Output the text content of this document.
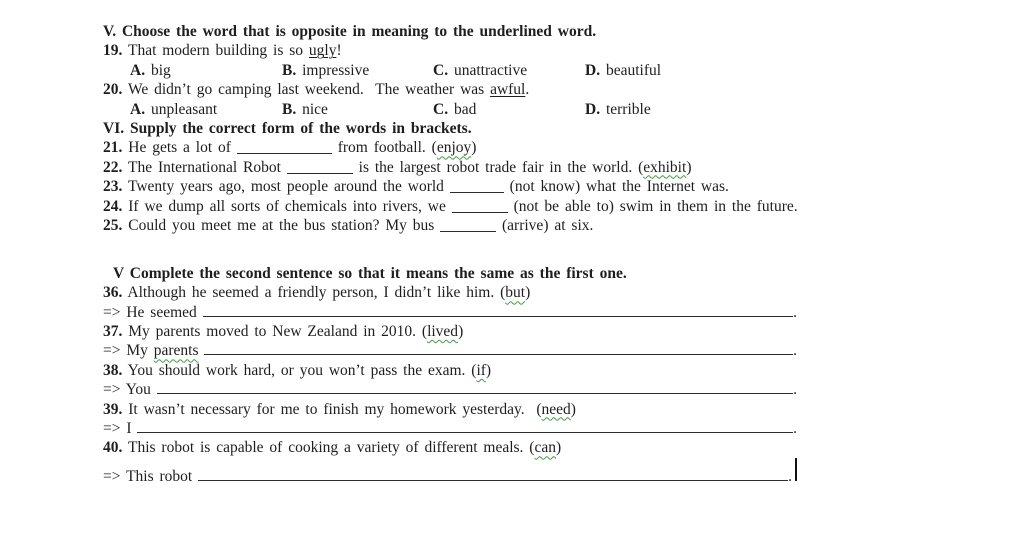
V. Choose the word that is opposite in meaning to the underlined word.
19. That modern building is so ugly!
A. big	B. impressive	C. unattractive	D. beautiful
20. We didn’t go camping last weekend.  The weather was awful.
A. unpleasant	B. nice	C. bad	D. terrible
VI. Supply the correct form of the words in brackets.
21. He gets a lot of	from football. (enjoy)
22. The International Robot	is the largest robot trade fair in the world. (exhibit)
23. Twenty years ago, most people around the world	(not know) what the Internet was.
24. If we dump all sorts of chemicals into rivers, we	(not be able to) swim in them in the future.
25. Could you meet me at the bus station? My bus	(arrive) at six.
V Complete the second sentence so that it means the same as the first one.
36. Although he seemed a friendly person, I didn’t like him. (but)
=> He seemed	.
37. My parents moved to New Zealand in 2010. (lived)
=> My parents
	.
38. You should work hard, or you won’t pass the exam. (if)
=> You	.
39. It wasn’t necessary for me to finish my homework yesterday.  (need)
=> I	.
40. This robot is capable of cooking a variety of different meals. (can)
=> This robot	.
